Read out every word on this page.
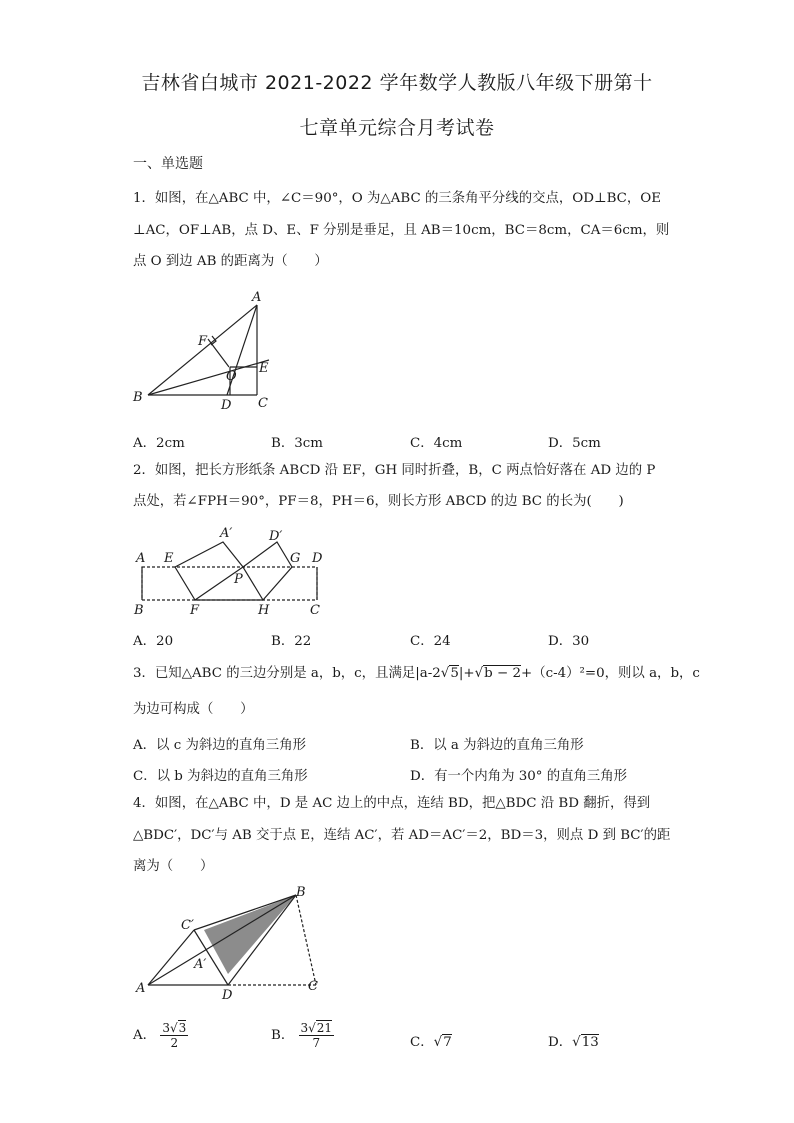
吉林省白城市 2021-2022 学年数学人教版八年级下册第十
七章单元综合月考试卷
一、单选题
1．如图，在△ABC 中，∠C＝90°，O 为△ABC 的三条角平分线的交点，OD⊥BC，OE
⊥AC，OF⊥AB，点 D、E、F 分别是垂足，且 AB＝10cm，BC＝8cm，CA＝6cm，则
点 O 到边 AB 的距离为（　　）
A
B	C
D
E
F
O
A．2cm	B．3cm	C．4cm	D．5cm
2．如图，把长方形纸条 ABCD 沿 EF，GH 同时折叠，B，C 两点恰好落在 AD 边的 P
点处，若∠FPH＝90°，PF＝8，PH＝6，则长方形 ABCD 的边 BC 的长为(　　)
A E
A′	D′
G D
P
B	F	H	C
A．20	B．22	C．24	D．30
3．已知△ABC 的三边分别是 a，b，c，且满足|a-2√5|+√b − 2+（c-4）²=0，则以 a，b，c
为边可构成（　　）
A．以 c 为斜边的直角三角形	B．以 a 为斜边的直角三角形
C．以 b 为斜边的直角三角形	D．有一个内角为 30° 的直角三角形
4．如图，在△ABC 中，D 是 AC 边上的中点，连结 BD，把△BDC 沿 BD 翻折，得到
△BDC′，DC′与 AB 交于点 E，连结 AC′，若 AD＝AC′＝2，BD＝3，则点 D 到 BC′的距
离为（　　）
B
C′
A′
A	D
C
A． $\frac{3√3}{2}$	B． $\frac{3√21}{7}$	C．√7	D．√13
